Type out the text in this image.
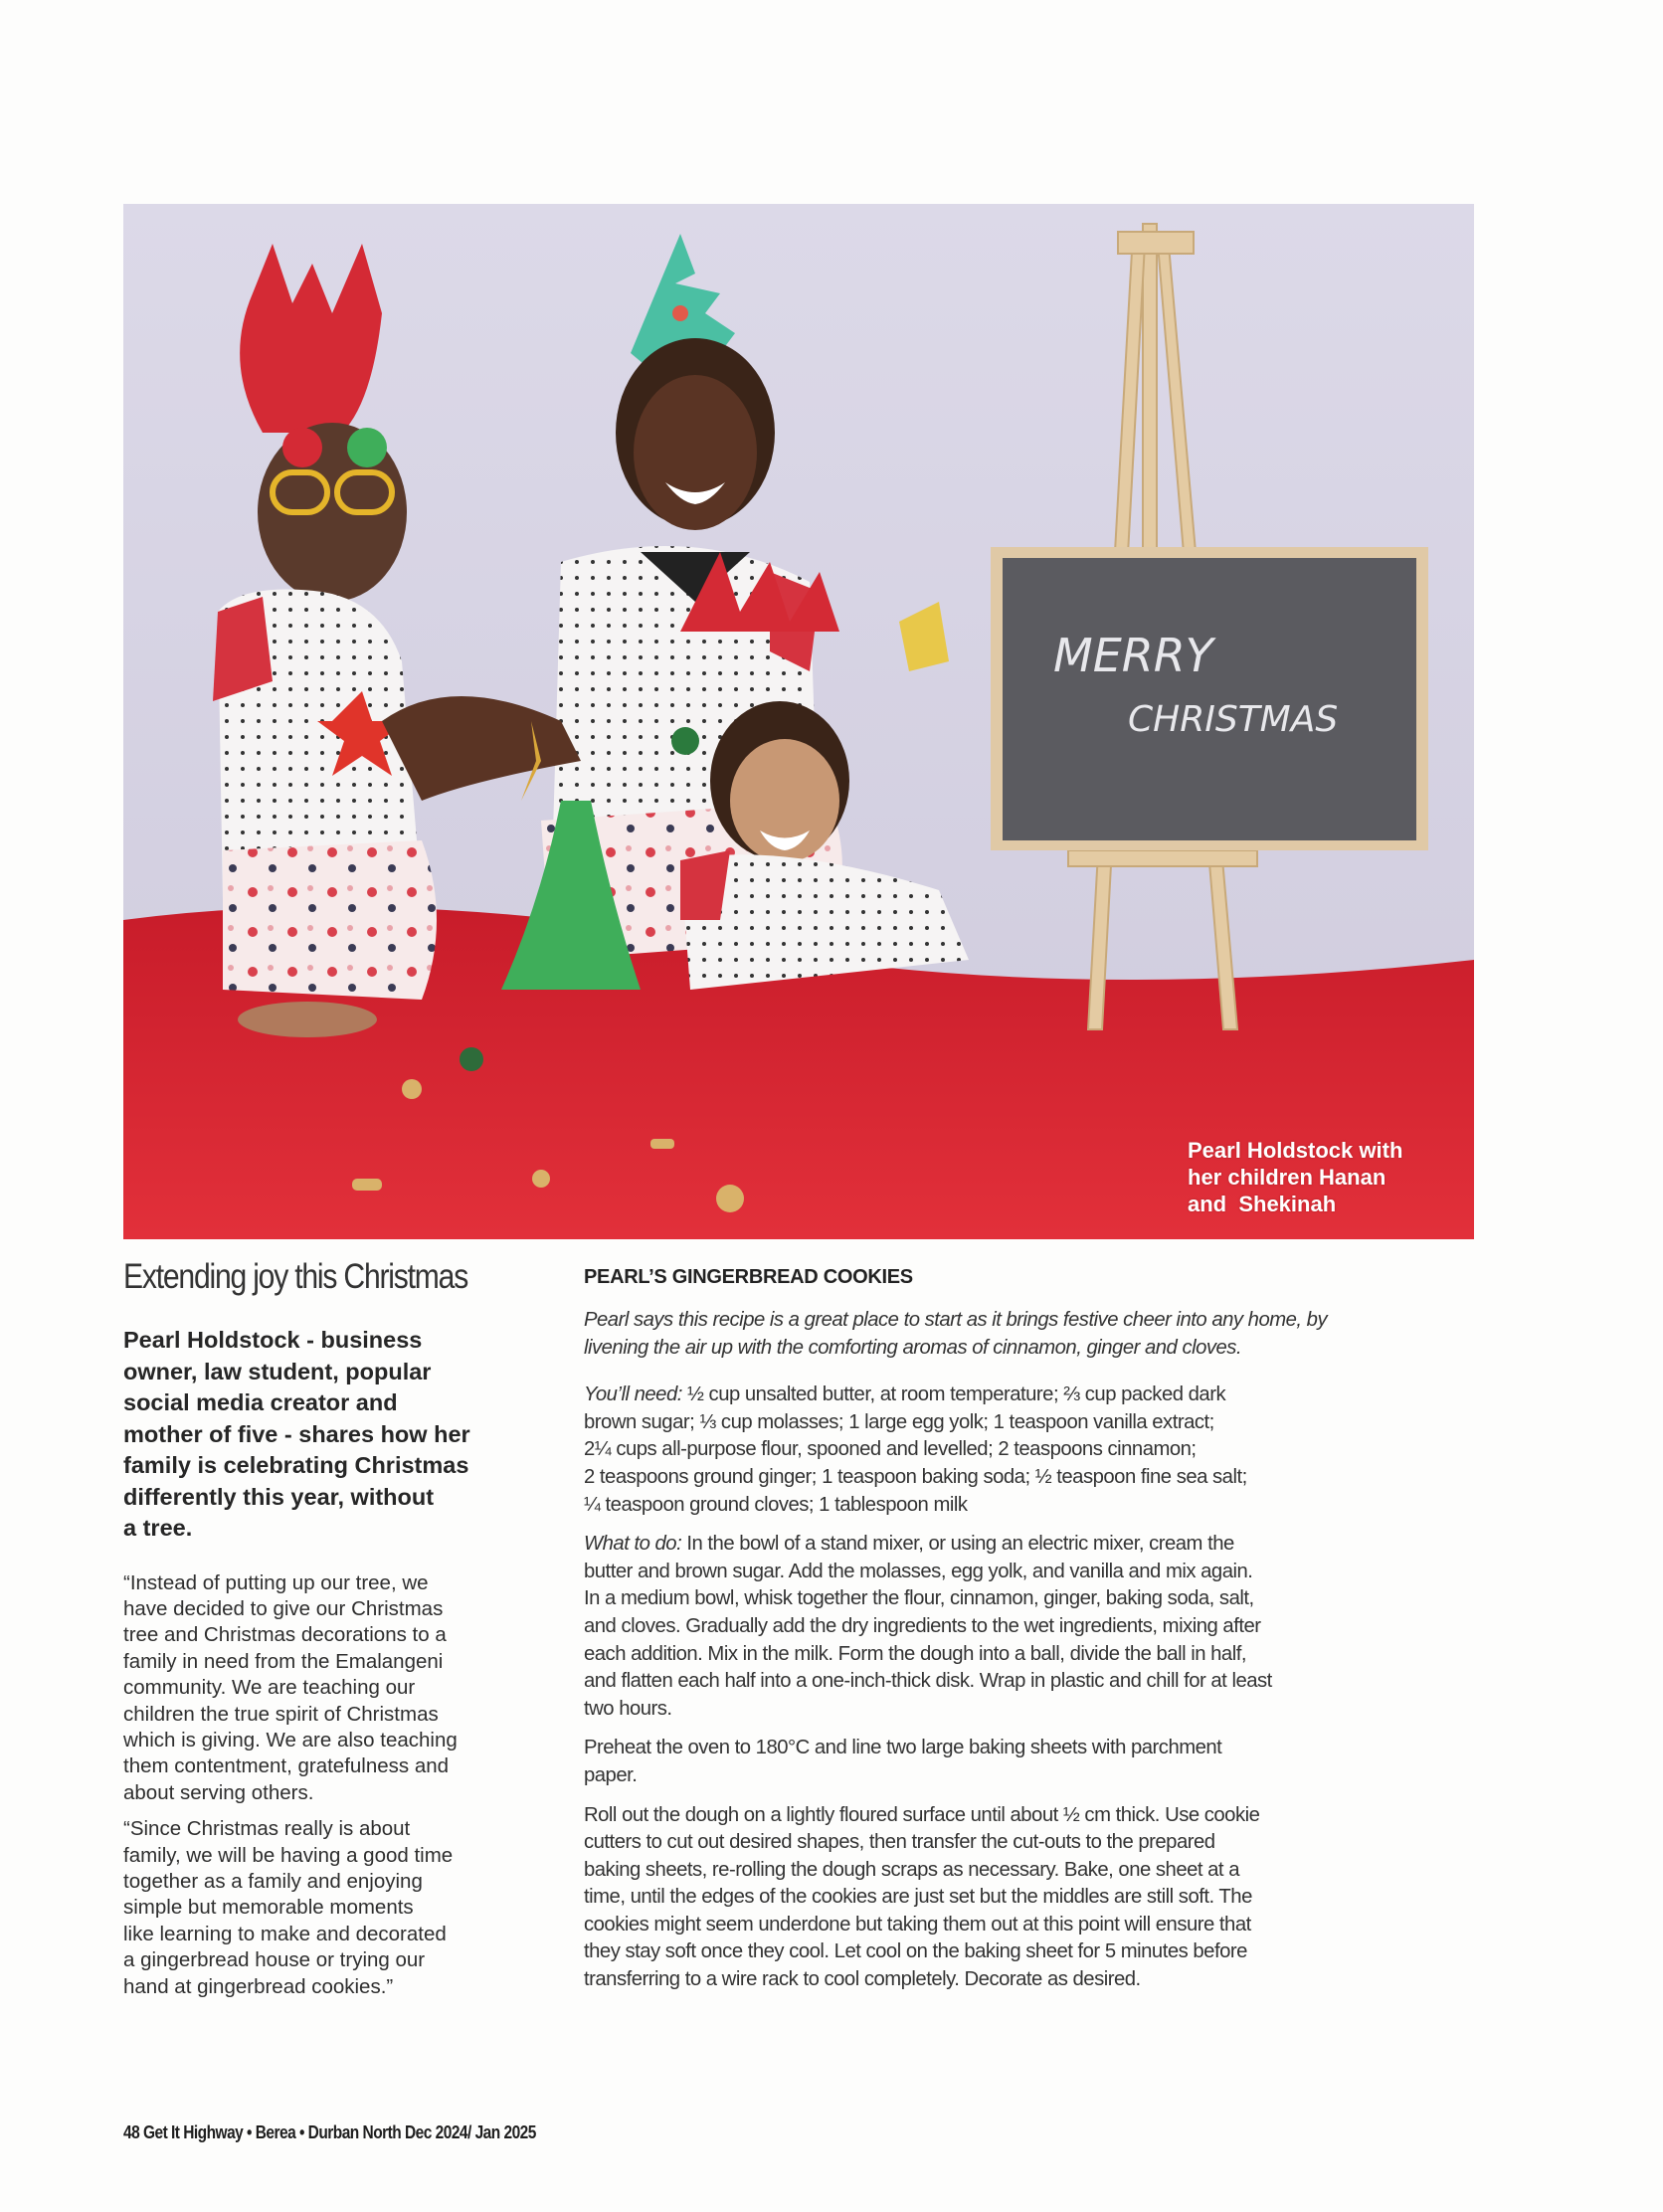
MERRY
CHRISTMAS
Pearl Holdstock with
her children Hanan
and  Shekinah
Extending joy this Christmas
Pearl Holdstock - business
owner, law student, popular
social media creator and
mother of five - shares how her
family is celebrating Christmas
differently this year, without
a tree.

“Instead of putting up our tree, we
have decided to give our Christmas
tree and Christmas decorations to a
family in need from the Emalangeni
community. We are teaching our
children the true spirit of Christmas
which is giving. We are also teaching
them contentment, gratefulness and
about serving others.

“Since Christmas really is about
family, we will be having a good time
together as a family and enjoying
simple but memorable moments
like learning to make and decorated
a gingerbread house or trying our
hand at gingerbread cookies.”

PEARL’S GINGERBREAD COOKIES

Pearl says this recipe is a great place to start as it brings festive cheer into any home, by
livening the air up with the comforting aromas of cinnamon, ginger and cloves.

You’ll need: ½ cup unsalted butter, at room temperature; ⅔ cup packed dark
brown sugar; ⅓ cup molasses; 1 large egg yolk; 1 teaspoon vanilla extract;
2¼ cups all-purpose flour, spooned and levelled; 2 teaspoons cinnamon;
2 teaspoons ground ginger; 1 teaspoon baking soda; ½ teaspoon fine sea salt;
¼ teaspoon ground cloves; 1 tablespoon milk

What to do: In the bowl of a stand mixer, or using an electric mixer, cream the
butter and brown sugar. Add the molasses, egg yolk, and vanilla and mix again.
In a medium bowl, whisk together the flour, cinnamon, ginger, baking soda, salt,
and cloves. Gradually add the dry ingredients to the wet ingredients, mixing after
each addition. Mix in the milk. Form the dough into a ball, divide the ball in half,
and flatten each half into a one-inch-thick disk. Wrap in plastic and chill for at least
two hours.

Preheat the oven to 180°C and line two large baking sheets with parchment
paper.

Roll out the dough on a lightly floured surface until about ½ cm thick. Use cookie
cutters to cut out desired shapes, then transfer the cut-outs to the prepared
baking sheets, re-rolling the dough scraps as necessary. Bake, one sheet at a
time, until the edges of the cookies are just set but the middles are still soft. The
cookies might seem underdone but taking them out at this point will ensure that
they stay soft once they cool. Let cool on the baking sheet for 5 minutes before
transferring to a wire rack to cool completely. Decorate as desired.

48 Get It Highway • Berea • Durban North Dec 2024/ Jan 2025
